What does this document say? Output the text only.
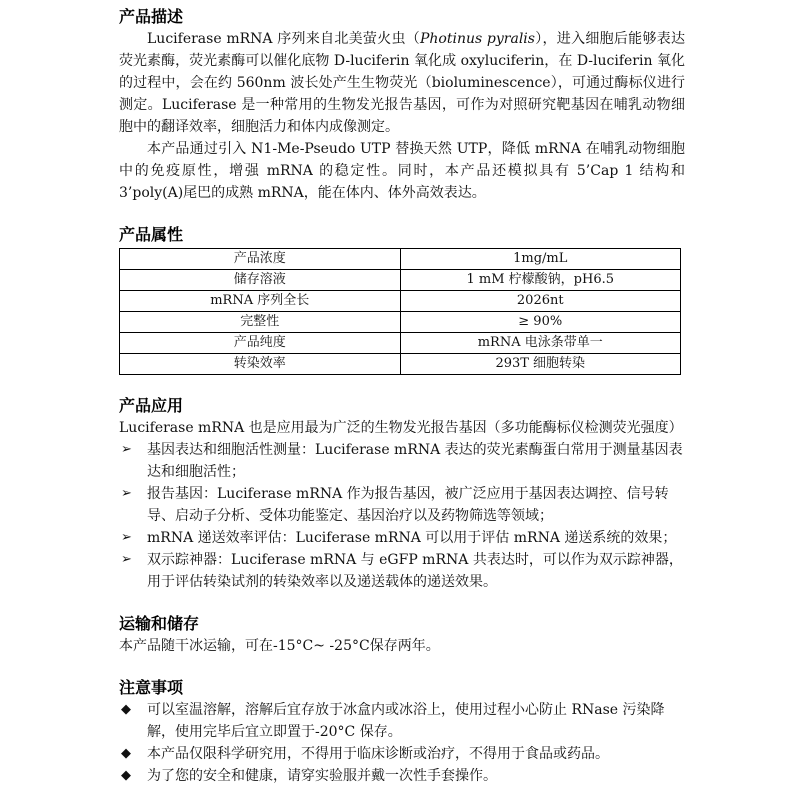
产品描述

Luciferase mRNA 序列来自北美萤火虫（Photinus pyralis），进入细胞后能够表达荧光素酶，荧光素酶可以催化底物 D-luciferin 氧化成 oxyluciferin，在 D-luciferin 氧化的过程中，会在约 560nm 波长处产生生物荧光（bioluminescence），可通过酶标仪进行测定。Luciferase 是一种常用的生物发光报告基因，可作为对照研究靶基因在哺乳动物细胞中的翻译效率，细胞活力和体内成像测定。

本产品通过引入 N1-Me-Pseudo UTP 替换天然 UTP，降低 mRNA 在哺乳动物细胞中的免疫原性，增强 mRNA 的稳定性。同时，本产品还模拟具有 5’Cap 1 结构和 3’poly(A)尾巴的成熟 mRNA，能在体内、体外高效表达。

产品属性
产品浓度	1mg/mL
储存溶液	1 mM 柠檬酸钠，pH6.5
mRNA 序列全长	2026nt
完整性	≥ 90%
产品纯度	mRNA 电泳条带单一
转染效率	293T 细胞转染
产品应用

Luciferase mRNA 也是应用最为广泛的生物发光报告基因（多功能酶标仪检测荧光强度）

➢	基因表达和细胞活性测量：Luciferase mRNA 表达的荧光素酶蛋白常用于测量基因表达和细胞活性；
➢	报告基因：Luciferase mRNA 作为报告基因，被广泛应用于基因表达调控、信号转导、启动子分析、受体功能鉴定、基因治疗以及药物筛选等领域；
➢	mRNA 递送效率评估：Luciferase mRNA 可以用于评估 mRNA 递送系统的效果；
➢	双示踪神器：Luciferase mRNA 与 eGFP mRNA 共表达时，可以作为双示踪神器，用于评估转染试剂的转染效率以及递送载体的递送效果。
运输和储存

本产品随干冰运输，可在-15°C~ -25°C保存两年。

注意事项
◆	可以室温溶解，溶解后宜存放于冰盒内或冰浴上，使用过程小心防止 RNase 污染降解，使用完毕后宜立即置于-20°C 保存。
◆	本产品仅限科学研究用，不得用于临床诊断或治疗，不得用于食品或药品。
◆	为了您的安全和健康，请穿实验服并戴一次性手套操作。
